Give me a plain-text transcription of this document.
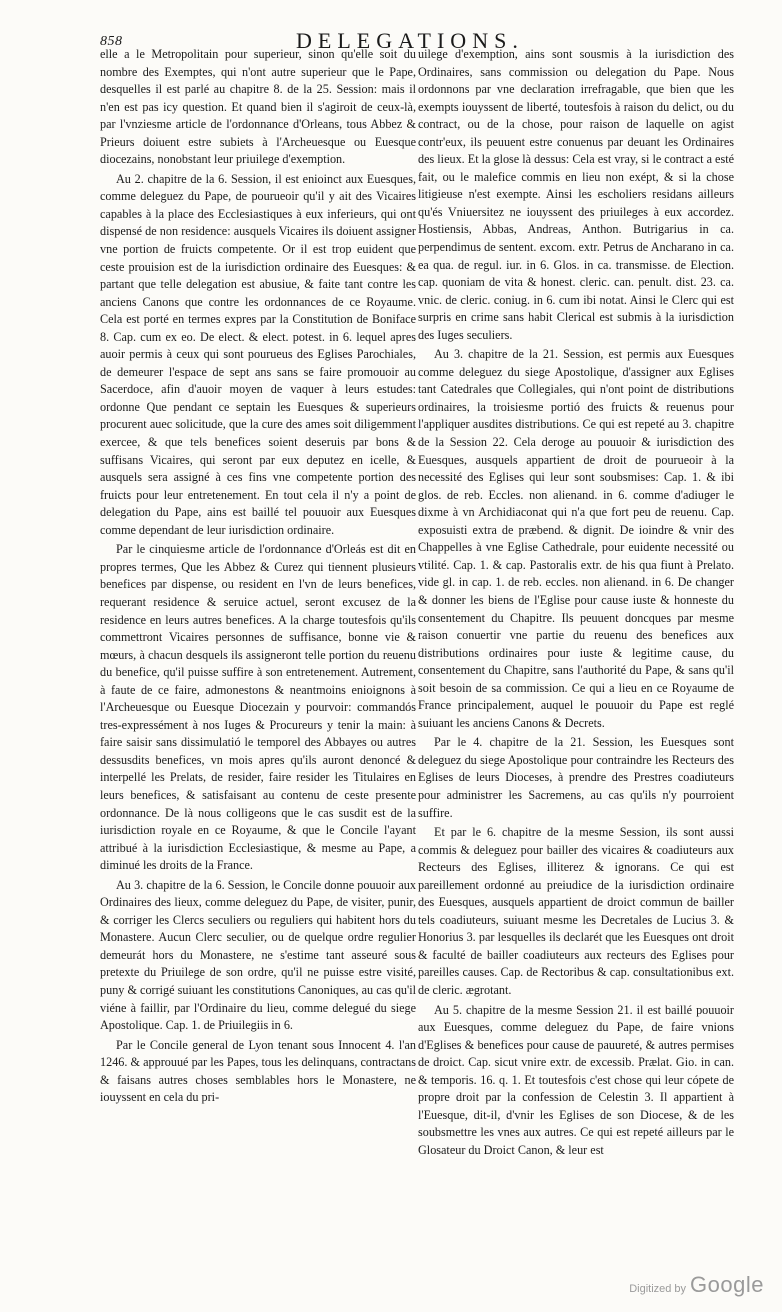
858	DELEGATIONS.

elle a le Metropolitain pour superieur, sinon qu'elle soit du nombre des Exemptes, qui n'ont autre superieur que le Pape, desquelles il est parlé au chapitre 8. de la 25. Session: mais il n'en est pas icy question. Et quand bien il s'agiroit de ceux-là, par l'vnziesme article de l'ordonnance d'Orleans, tous Abbez & Prieurs doiuent estre subiets à l'Archeuesque ou Euesque diocezains, nonobstant leur priuilege d'exemption.

Au 2. chapitre de la 6. Session, il est enioinct aux Euesques, comme deleguez du Pape, de pourueoir qu'il y ait des Vicaires capables à la place des Ecclesiastiques à eux inferieurs, qui ont dispensé de non residence: ausquels Vicaires ils doiuent assigner vne portion de fruicts competente. Or il est trop euident que ceste prouision est de la iurisdiction ordinaire des Euesques: & partant que telle delegation est abusiue, & faite tant contre les anciens Canons que contre les ordonnances de ce Royaume. Cela est porté en termes expres par la Constitution de Boniface 8. Cap. cum ex eo. De elect. & elect. potest. in 6. lequel apres auoir permis à ceux qui sont pourueus des Eglises Parochiales, de demeurer l'espace de sept ans sans se faire promouoir au Sacerdoce, afin d'auoir moyen de vaquer à leurs estudes: ordonne Que pendant ce septain les Euesques & superieurs procurent auec solicitude, que la cure des ames soit diligemment exercee, & que tels benefices soient deseruis par bons & suffisans Vicaires, qui seront par eux deputez en icelle, & ausquels sera assigné à ces fins vne competente portion des fruicts pour leur entretenement. En tout cela il n'y a point de delegation du Pape, ains est baillé tel pouuoir aux Euesques comme dependant de leur iurisdiction ordinaire.

Par le cinquiesme article de l'ordonnance d'Orleás est dit en propres termes, Que les Abbez & Curez qui tiennent plusieurs benefices par dispense, ou resident en l'vn de leurs benefices, requerant residence & seruice actuel, seront excusez de la residence en leurs autres benefices. A la charge toutesfois qu'ils commettront Vicaires personnes de suffisance, bonne vie & mœurs, à chacun desquels ils assigneront telle portion du reuenu du benefice, qu'il puisse suffire à son entretenement. Autrement, à faute de ce faire, admonestons & neantmoins enioignons à l'Archeuesque ou Euesque Diocezain y pourvoir: commandós tres-expressément à nos Iuges & Procureurs y tenir la main: à faire saisir sans dissimulatió le temporel des Abbayes ou autres dessusdits benefices, vn mois apres qu'ils auront denoncé & interpellé les Prelats, de resider, faire resider les Titulaires en leurs benefices, & satisfaisant au contenu de ceste presente ordonnance. De là nous colligeons que le cas susdit est de la iurisdiction royale en ce Royaume, & que le Concile l'ayant attribué à la iurisdiction Ecclesiastique, & mesme au Pape, a diminué les droits de la France.

Au 3. chapitre de la 6. Session, le Concile donne pouuoir aux Ordinaires des lieux, comme deleguez du Pape, de visiter, punir, & corriger les Clercs seculiers ou reguliers qui habitent hors du Monastere. Aucun Clerc seculier, ou de quelque ordre regulier demeurát hors du Monastere, ne s'estime tant asseuré sous pretexte du Priuilege de son ordre, qu'il ne puisse estre visité, puny & corrigé suiuant les constitutions Canoniques, au cas qu'il viéne à faillir, par l'Ordinaire du lieu, comme delegué du siege Apostolique. Cap. 1. de Priuilegiis in 6.

Par le Concile general de Lyon tenant sous Innocent 4. l'an 1246. & approuué par les Papes, tous les delinquans, contractans & faisans autres choses semblables hors le Monastere, ne iouyssent en cela du pri-

uilege d'exemption, ains sont sousmis à la iurisdiction des Ordinaires, sans commission ou delegation du Pape. Nous ordonnons par vne declaration irrefragable, que bien que les exempts iouyssent de liberté, toutesfois à raison du delict, ou du contract, ou de la chose, pour raison de laquelle on agist contr'eux, ils peuuent estre conuenus par deuant les Ordinaires des lieux. Et la glose là dessus: Cela est vray, si le contract a esté fait, ou le malefice commis en lieu non exépt, & si la chose litigieuse n'est exempte. Ainsi les escholiers residans ailleurs qu'és Vniuersitez ne iouyssent des priuileges à eux accordez. Hostiensis, Abbas, Andreas, Anthon. Butrigarius in ca. perpendimus de sentent. excom. extr. Petrus de Ancharano in ca. ea qua. de regul. iur. in 6. Glos. in ca. transmisse. de Election. cap. quoniam de vita & honest. cleric. can. penult. dist. 23. ca. vnic. de cleric. coniug. in 6. cum ibi notat. Ainsi le Clerc qui est surpris en crime sans habit Clerical est submis à la iurisdiction des Iuges seculiers.

Au 3. chapitre de la 21. Session, est permis aux Euesques comme deleguez du siege Apostolique, d'assigner aux Eglises tant Catedrales que Collegiales, qui n'ont point de distributions ordinaires, la troisiesme portió des fruicts & reuenus pour l'appliquer ausdites distributions. Ce qui est repeté au 3. chapitre de la Session 22. Cela deroge au pouuoir & iurisdiction des Euesques, ausquels appartient de droit de pourueoir à la necessité des Eglises qui leur sont soubsmises: Cap. 1. & ibi glos. de reb. Eccles. non alienand. in 6. comme d'adiuger le dixme à vn Archidiaconat qui n'a que fort peu de reuenu. Cap. exposuisti extra de præbend. & dignit. De ioindre & vnir des Chappelles à vne Eglise Cathedrale, pour euidente necessité ou vtilité. Cap. 1. & cap. Pastoralis extr. de his qua fiunt à Prelato. vide gl. in cap. 1. de reb. eccles. non alienand. in 6. De changer & donner les biens de l'Eglise pour cause iuste & honneste du consentement du Chapitre. Ils peuuent doncques par mesme raison conuertir vne partie du reuenu des benefices aux distributions ordinaires pour iuste & legitime cause, du consentement du Chapitre, sans l'authorité du Pape, & sans qu'il soit besoin de sa commission. Ce qui a lieu en ce Royaume de France principalement, auquel le pouuoir du Pape est reglé suiuant les anciens Canons & Decrets.

Par le 4. chapitre de la 21. Session, les Euesques sont deleguez du siege Apostolique pour contraindre les Recteurs des Eglises de leurs Dioceses, à prendre des Prestres coadiuteurs pour administrer les Sacremens, au cas qu'ils n'y pourroient suffire.

Et par le 6. chapitre de la mesme Session, ils sont aussi commis & deleguez pour bailler des vicaires & coadiuteurs aux Recteurs des Eglises, illiterez & ignorans. Ce qui est pareillement ordonné au preiudice de la iurisdiction ordinaire des Euesques, ausquels appartient de droict commun de bailler tels coadiuteurs, suiuant mesme les Decretales de Lucius 3. & Honorius 3. par lesquelles ils declarét que les Euesques ont droit & faculté de bailler coadiuteurs aux recteurs des Eglises pour pareilles causes. Cap. de Rectoribus & cap. consultationibus ext. de cleric. ægrotant.

Au 5. chapitre de la mesme Session 21. il est baillé pouuoir aux Euesques, comme deleguez du Pape, de faire vnions d'Eglises & benefices pour cause de pauureté, & autres permises de droict. Cap. sicut vnire extr. de excessib. Prælat. Gio. in can. & temporis. 16. q. 1. Et toutesfois c'est chose qui leur cópete de propre droit par la confession de Celestin 3. Il appartient à l'Euesque, dit-il, d'vnir les Eglises de son Diocese, & de les soubsmettre les vnes aux autres. Ce qui est repeté ailleurs par le Glosateur du Droict Canon, & leur est

Digitized by Google
